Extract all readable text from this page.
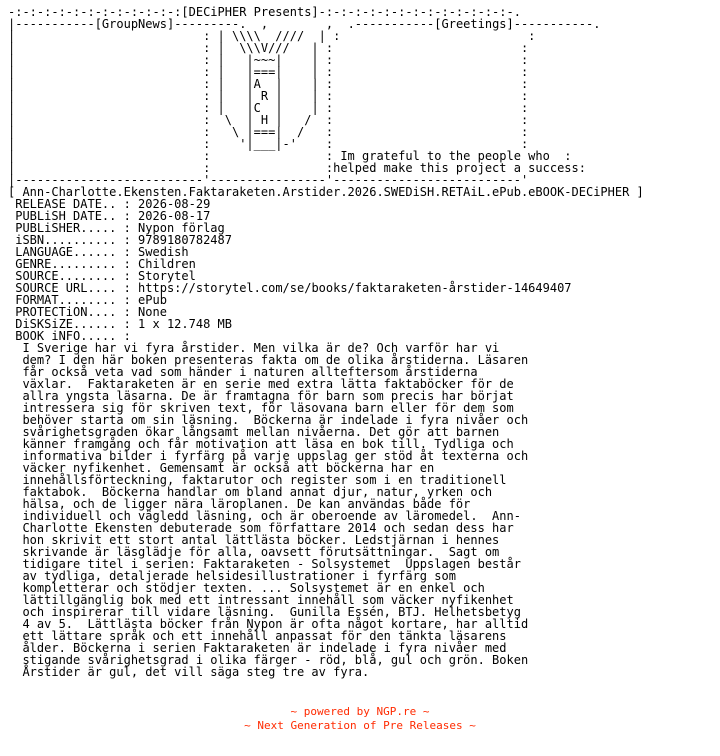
-:-:-:-:-:-:-:-:-:-:-:-:[DECiPHER Presents]-:-:-:-:-:-:-:-:-:-:-:-:-:-.
|-----------[GroupNews]---------.  ,        ,  .-----------[Greetings]-----------.
|                          : | \\\\  ////  | :                          :
|                          : |  \\\V///   | :                          :
|                          : |   |~~~|    | :                          :
|                          : |   |===|    | :                          :
|                          : |   |A  |    | :                          :
|                          : |   | R |    | :                          :
|                          : |   |C  |    | :                          :
|                          :  \  | H |   /  :                          :
|                          :   \ |===|  /   :                          :
|                          :    '|___|-'    :                          :
|                          :                : Im grateful to the people who  :
|                          :                :helped make this project a success:
|--------------------------'----------------'--------------------------'
[ Ann-Charlotte.Ekensten.Faktaraketen.Arstider.2026.SWEDiSH.RETAiL.ePub.eBOOK-DECiPHER ]
RELEASE DATE.. : 2026-08-29
PUBLiSH DATE.. : 2026-08-17
PUBLiSHER..... : Nypon förlag
iSBN.......... : 9789180782487
LANGUAGE...... : Swedish
GENRE......... : Children
SOURCE........ : Storytel
SOURCE URL.... : https://storytel.com/se/books/faktaraketen-årstider-14649407
FORMAT........ : ePub
PROTECTiON.... : None
DiSKSiZE...... : 1 x 12.748 MB
BOOK iNFO..... :
I Sverige har vi fyra årstider. Men vilka är de? Och varför har vi
dem? I den här boken presenteras fakta om de olika årstiderna. Läsaren
får också veta vad som händer i naturen allteftersom årstiderna
växlar.  Faktaraketen är en serie med extra lätta faktaböcker för de
allra yngsta läsarna. De är framtagna för barn som precis har börjat
intressera sig för skriven text, för läsovana barn eller för dem som
behöver starta om sin läsning.  Böckerna är indelade i fyra nivåer och
svårighetsgraden ökar långsamt mellan nivåerna. Det gör att barnen
känner framgång och får motivation att läsa en bok till. Tydliga och
informativa bilder i fyrfärg på varje uppslag ger stöd åt texterna och
väcker nyfikenhet. Gemensamt är också att böckerna har en
innehållsförteckning, faktarutor och register som i en traditionell
faktabok.  Böckerna handlar om bland annat djur, natur, yrken och
hälsa, och de ligger nära läroplanen. De kan användas både för
individuell och vägledd läsning, och är oberoende av läromedel.  Ann-
Charlotte Ekensten debuterade som författare 2014 och sedan dess har
hon skrivit ett stort antal lättlästa böcker. Ledstjärnan i hennes
skrivande är läsglädje för alla, oavsett förutsättningar.  Sagt om
tidigare titel i serien: Faktaraketen - Solsystemet  Uppslagen består
av tydliga, detaljerade helsidesillustrationer i fyrfärg som
kompletterar och stödjer texten. ... Solsystemet är en enkel och
lättillgänglig bok med ett intressant innehåll som väcker nyfikenhet
och inspirerar till vidare läsning.  Gunilla Essén, BTJ. Helhetsbetyg
4 av 5.  Lättlästa böcker från Nypon är ofta något kortare, har alltid
ett lättare språk och ett innehåll anpassat för den tänkta läsarens
ålder. Böckerna i serien Faktaraketen är indelade i fyra nivåer med
stigande svårighetsgrad i olika färger - röd, blå, gul och grön. Boken
Årstider är gul, det vill säga steg tre av fyra.
~ powered by NGP.re ~
~ Next Generation of Pre Releases ~
